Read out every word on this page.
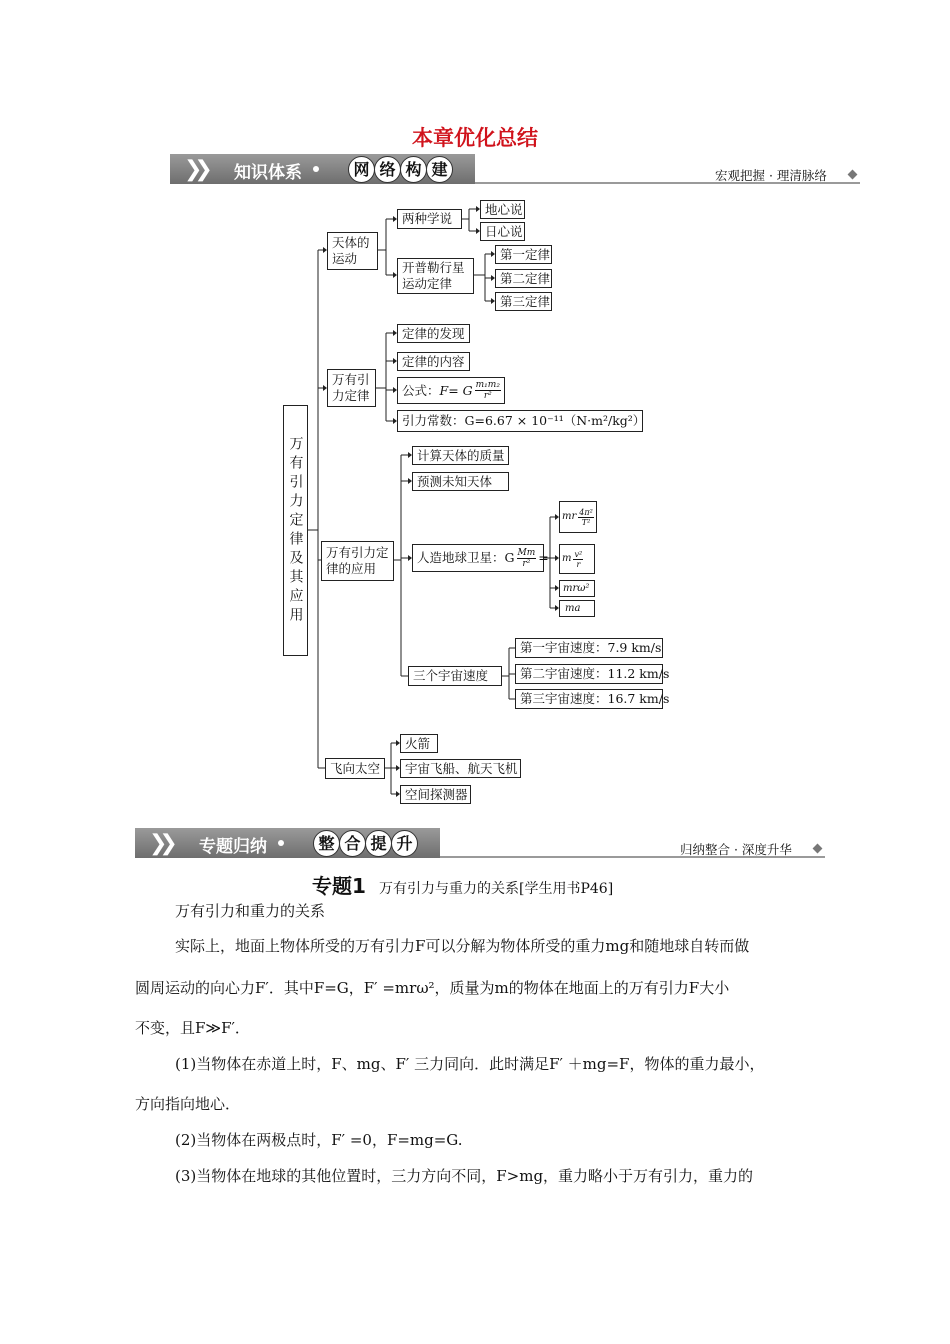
本章优化总结
❯❯ 知识体系	网 络 构 建	宏观把握 · 理清脉络
万有引力定律及其应用
天体的运动
两种学说
地心说
日心说
开普勒行星运动定律
第一定律
第二定律
第三定律
万有引力定律
定律的发现
定律的内容
公式： F = G $\frac{\text{m₁m₂}}{\text{r²}}$
引力常数：G=6.67 × 10⁻¹¹（N·m²/kg²）
万有引力定律的应用
计算天体的质量
预测未知天体
人造地球卫星：G $\frac{Mm}{\text{r²}}$ =
mr $\frac{\text{4π²}}{\text{T²}}$
m $\frac{\text{v²}}{r}$
mrω²
ma
三个宇宙速度
第一宇宙速度：7.9 km/s
第二宇宙速度：11.2 km/s
第三宇宙速度：16.7 km/s
飞向太空
火箭
宇宙飞船、航天飞机
空间探测器
❯❯ 专题归纳	整 合 提 升	归纳整合 · 深度升华
专题1 万有引力与重力的关系[学生用书P46]
万有引力和重力的关系
实际上，地面上物体所受的万有引力F可以分解为物体所受的重力mg和随地球自转而做
圆周运动的向心力F′．其中F=G，F′ =mrω²，质量为m的物体在地面上的万有引力F大小
不变，且F≫F′．
(1)当物体在赤道上时，F、mg、F′ 三力同向．此时满足F′ ＋mg=F，物体的重力最小，
方向指向地心．
(2)当物体在两极点时，F′ =0，F=mg=G.
(3)当物体在地球的其他位置时，三力方向不同，F>mg，重力略小于万有引力，重力的
